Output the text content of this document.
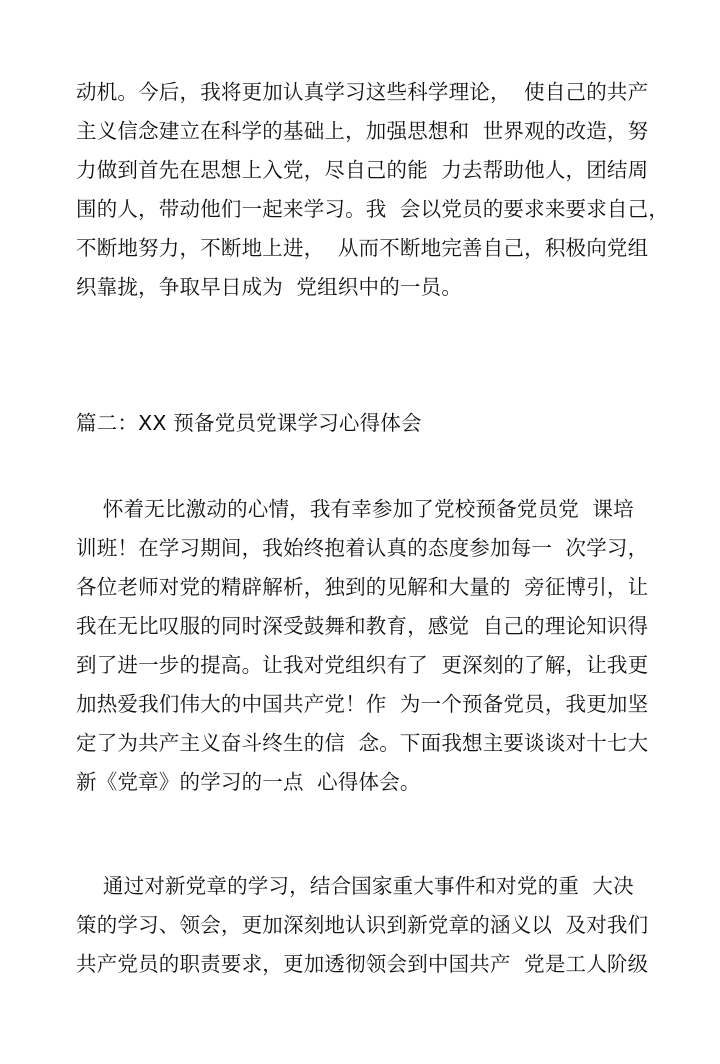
动机。今后，我将更加认真学习这些科学理论，  使自己的共产
主义信念建立在科学的基础上，加强思想和  世界观的改造，努
力做到首先在思想上入党，尽自己的能  力去帮助他人，团结周
围的人，带动他们一起来学习。我  会以党员的要求来要求自己，
不断地努力，不断地上进，  从而不断地完善自己，积极向党组
织靠拢，争取早日成为  党组织中的一员。
篇二：XX 预备党员党课学习心得体会
怀着无比激动的心情，我有幸参加了党校预备党员党  课培
训班！在学习期间，我始终抱着认真的态度参加每一  次学习，
各位老师对党的精辟解析，独到的见解和大量的  旁征博引，让
我在无比叹服的同时深受鼓舞和教育，感觉  自己的理论知识得
到了进一步的提高。让我对党组织有了  更深刻的了解，让我更
加热爱我们伟大的中国共产党！作  为一个预备党员，我更加坚
定了为共产主义奋斗终生的信  念。下面我想主要谈谈对十七大
新《党章》的学习的一点  心得体会。
通过对新党章的学习，结合国家重大事件和对党的重  大决
策的学习、领会，更加深刻地认识到新党章的涵义以  及对我们
共产党员的职责要求，更加透彻领会到中国共产  党是工人阶级
